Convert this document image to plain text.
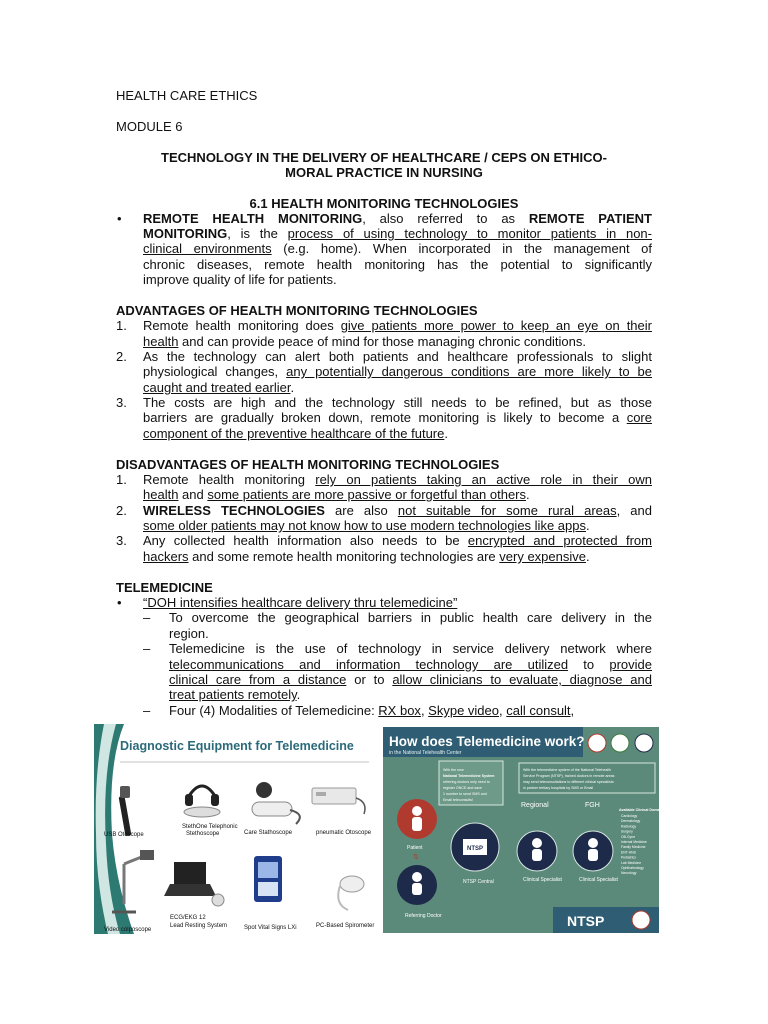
HEALTH CARE ETHICS
MODULE 6
TECHNOLOGY IN THE DELIVERY OF HEALTHCARE / CEPS ON ETHICO-
MORAL PRACTICE IN NURSING
6.1 HEALTH MONITORING TECHNOLOGIES
• REMOTE HEALTH MONITORING, also referred to as REMOTE PATIENT
MONITORING, is the process of using technology to monitor patients in non-
clinical environments (e.g. home). When incorporated in the management of
chronic diseases, remote health monitoring has the potential to significantly
improve quality of life for patients.
ADVANTAGES OF HEALTH MONITORING TECHNOLOGIES
1. Remote health monitoring does give patients more power to keep an eye on their
health and can provide peace of mind for those managing chronic conditions.
2. As the technology can alert both patients and healthcare professionals to slight
physiological changes, any potentially dangerous conditions are more likely to be
caught and treated earlier.
3. The costs are high and the technology still needs to be refined, but as those
barriers are gradually broken down, remote monitoring is likely to become a core
component of the preventive healthcare of the future.
DISADVANTAGES OF HEALTH MONITORING TECHNOLOGIES
1. Remote health monitoring rely on patients taking an active role in their own
health and some patients are more passive or forgetful than others.
2. WIRELESS TECHNOLOGIES are also not suitable for some rural areas, and
some older patients may not know how to use modern technologies like apps.
3. Any collected health information also needs to be encrypted and protected from
hackers and some remote health monitoring technologies are very expensive.
TELEMEDICINE
• “DOH intensifies healthcare delivery thru telemedicine”
– To overcome the geographical barriers in public health care delivery in the
region.
– Telemedicine is the use of technology in service delivery network where
telecommunications and information technology are utilized to provide
clinical care from a distance or to allow clinicians to evaluate, diagnose and
treat patients remotely.
– Four (4) Modalities of Telemedicine: RX box, Skype video, call consult,
Diagnostic Equipment for Telemedicine
USB Otoscope
StethOne Telephonic
Stethoscope	Care Stathoscope	pneumatic Otoscope
Video colposcope
ECG/EKG 12
Lead Resting System	Spot Vital Signs LXi	PC-Based Spirometer
How does Telemedicine work?
in the National Telehealth Center
With the new
National Telemedicine System
referring doctors only need to
register ONCE and save
1 number to send SMS and
Email teleconsults!
With the telemedicine system of the National Telehealth
Service Program (NTSP), trained doctors in remote areas
may send teleconsultations to different clinical specialists
in partner tertiary hospitals by SMS or Email
Patient
⇅
Referring Doctor
NTSP
NTSP Central
Regional
Clinical Specialist
FGH
Clinical Specialist
Available Clinical Domains:
Cardiology
Dermatology
Radiology
Surgery
OB-Gyne
Internal Medicine
Family Medicine
ENT-HNS
Pediatrics
Lab Medicine
Ophthalmology
Neurology
NTSP
